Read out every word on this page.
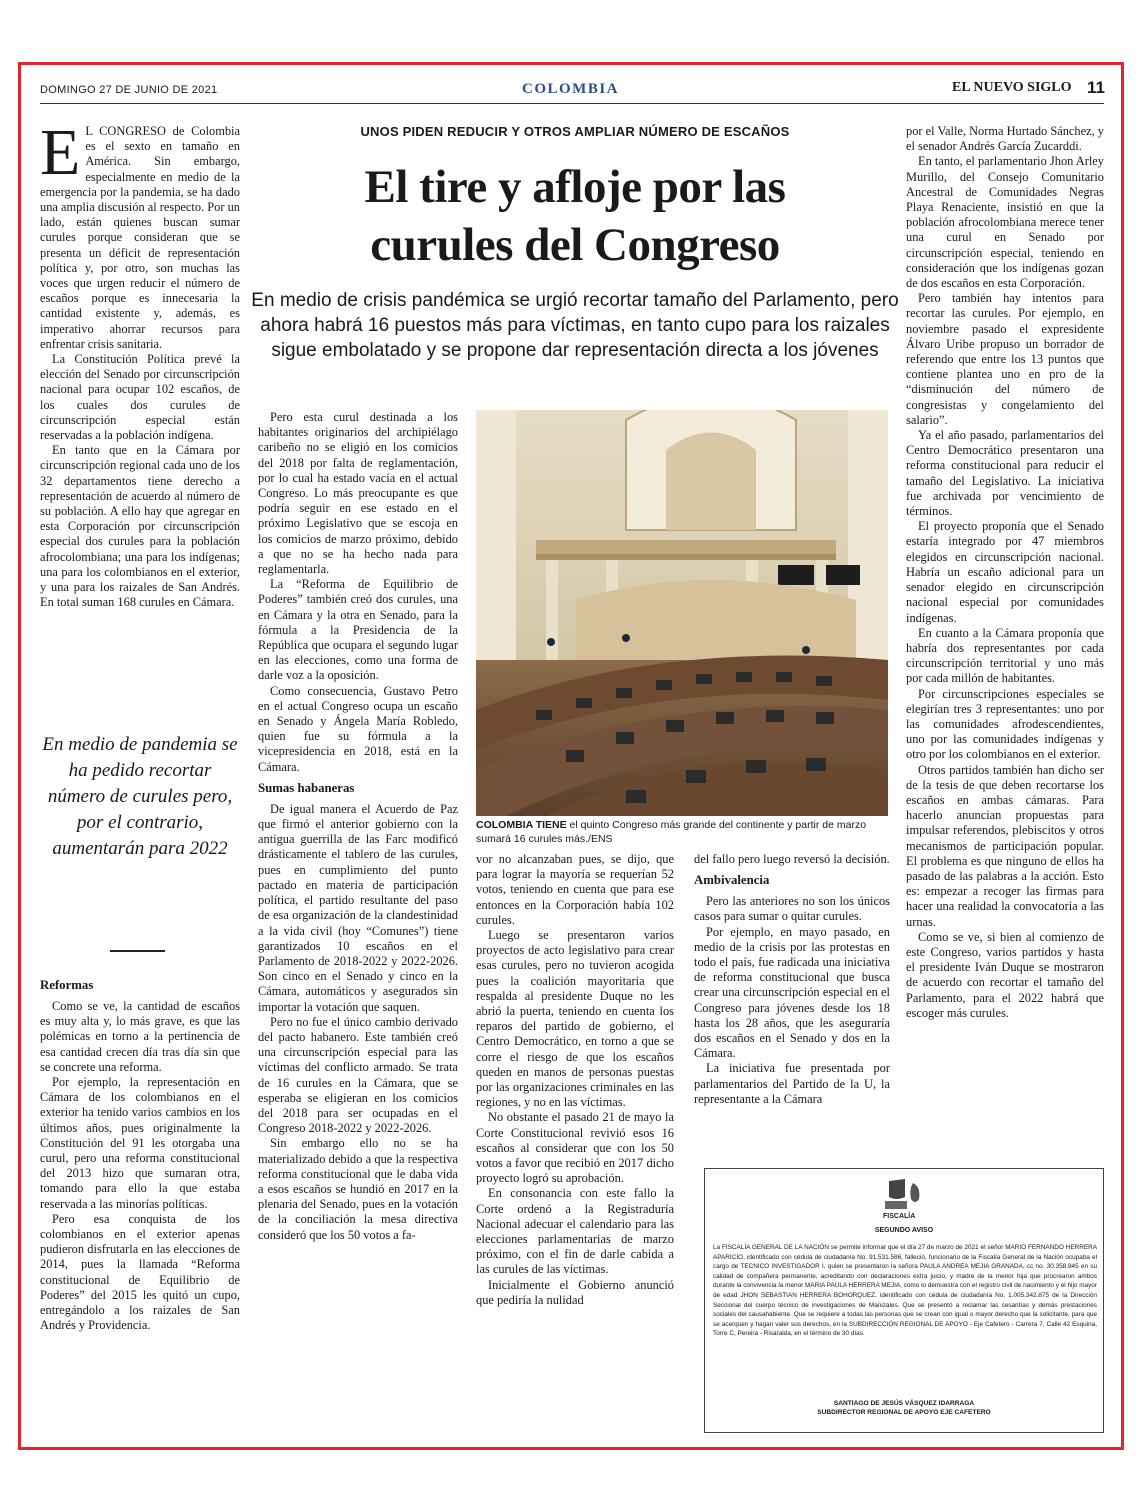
DOMINGO 27 DE JUNIO DE 2021	COLOMBIA	EL NUEVO SIGLO 11
E L CONGRESO de Colombia es el sexto en tamaño en América. Sin embargo, especialmente en medio de la emergencia por la pandemia, se ha dado una amplia discusión al respecto. Por un lado, están quienes buscan sumar curules porque consideran que se presenta un déficit de representación política y, por otro, son muchas las voces que urgen reducir el número de escaños porque es innecesaria la cantidad existente y, además, es imperativo ahorrar recursos para enfrentar crisis sanitaria.

La Constitución Política prevé la elección del Senado por circunscripción nacional para ocupar 102 escaños, de los cuales dos curules de circunscripción especial están reservadas a la población indígena.

En tanto que en la Cámara por circunscripción regional cada uno de los 32 departamentos tiene derecho a representación de acuerdo al número de su población. A ello hay que agregar en esta Corporación por circunscripción especial dos curules para la población afrocolombiana; una para los indígenas; una para los colombianos en el exterior, y una para los raizales de San Andrés. En total suman 168 curules en Cámara.

En medio de pandemia se ha pedido recortar número de curules pero, por el contrario, aumentarán para 2022
Reformas

Como se ve, la cantidad de escaños es muy alta y, lo más grave, es que las polémicas en torno a la pertinencia de esa cantidad crecen día tras día sin que se concrete una reforma.

Por ejemplo, la representación en Cámara de los colombianos en el exterior ha tenido varios cambios en los últimos años, pues originalmente la Constitución del 91 les otorgaba una curul, pero una reforma constitucional del 2013 hizo que sumaran otra, tomando para ello la que estaba reservada a las minorías políticas.

Pero esa conquista de los colombianos en el exterior apenas pudieron disfrutarla en las elecciones de 2014, pues la llamada “Reforma constitucional de Equilibrio de Poderes” del 2015 les quitó un cupo, entregándolo a los raizales de San Andrés y Providencia.

UNOS PIDEN REDUCIR Y OTROS AMPLIAR NÚMERO DE ESCAÑOS
El tire y afloje por las curules del Congreso
En medio de crisis pandémica se urgió recortar tamaño del Parlamento, pero ahora habrá 16 puestos más para víctimas, en tanto cupo para los raizales sigue embolatado y se propone dar representación directa a los jóvenes

Pero esta curul destinada a los habitantes originarios del archipiélago caribeño no se eligió en los comicios del 2018 por falta de reglamentación, por lo cual ha estado vacía en el actual Congreso. Lo más preocupante es que podría seguir en ese estado en el próximo Legislativo que se escoja en los comicios de marzo próximo, debido a que no se ha hecho nada para reglamentarla.

La “Reforma de Equilibrio de Poderes” también creó dos curules, una en Cámara y la otra en Senado, para la fórmula a la Presidencia de la República que ocupara el segundo lugar en las elecciones, como una forma de darle voz a la oposición.

Como consecuencia, Gustavo Petro en el actual Congreso ocupa un escaño en Senado y Ángela María Robledo, quien fue su fórmula a la vicepresidencia en 2018, está en la Cámara.

Sumas habaneras

De igual manera el Acuerdo de Paz que firmó el anterior gobierno con la antigua guerrilla de las Farc modificó drásticamente el tablero de las curules, pues en cumplimiento del punto pactado en materia de participación política, el partido resultante del paso de esa organización de la clandestinidad a la vida civil (hoy “Comunes”) tiene garantizados 10 escaños en el Parlamento de 2018-2022 y 2022-2026. Son cinco en el Senado y cinco en la Cámara, automáticos y asegurados sin importar la votación que saquen.

Pero no fue el único cambio derivado del pacto habanero. Este también creó una circunscripción especial para las víctimas del conflicto armado. Se trata de 16 curules en la Cámara, que se esperaba se eligieran en los comicios del 2018 para ser ocupadas en el Congreso 2018-2022 y 2022-2026.

Sin embargo ello no se ha materializado debido a que la respectiva reforma constitucional que le daba vida a esos escaños se hundió en 2017 en la plenaria del Senado, pues en la votación de la conciliación la mesa directiva consideró que los 50 votos a fa-

COLOMBIA TIENE el quinto Congreso más grande del continente y partir de marzo sumará 16 curules más./ENS

vor no alcanzaban pues, se dijo, que para lograr la mayoría se requerían 52 votos, teniendo en cuenta que para ese entonces en la Corporación había 102 curules.

Luego se presentaron varios proyectos de acto legislativo para crear esas curules, pero no tuvieron acogida pues la coalición mayoritaria que respalda al presidente Duque no les abrió la puerta, teniendo en cuenta los reparos del partido de gobierno, el Centro Democrático, en torno a que se corre el riesgo de que los escaños queden en manos de personas puestas por las organizaciones criminales en las regiones, y no en las víctimas.

No obstante el pasado 21 de mayo la Corte Constitucional revivió esos 16 escaños al considerar que con los 50 votos a favor que recibió en 2017 dicho proyecto logró su aprobación.

En consonancia con este fallo la Corte ordenó a la Registraduría Nacional adecuar el calendario para las elecciones parlamentarias de marzo próximo, con el fin de darle cabida a las curules de las víctimas.

Inicialmente el Gobierno anunció que pediría la nulidad

del fallo pero luego reversó la decisión.

Ambivalencia

Pero las anteriores no son los únicos casos para sumar o quitar curules.

Por ejemplo, en mayo pasado, en medio de la crisis por las protestas en todo el país, fue radicada una iniciativa de reforma constitucional que busca crear una circunscripción especial en el Congreso para jóvenes desde los 18 hasta los 28 años, que les aseguraría dos escaños en el Senado y dos en la Cámara.

La iniciativa fue presentada por parlamentarios del Partido de la U, la representante a la Cámara

por el Valle, Norma Hurtado Sánchez, y el senador Andrés García Zucarddi.

En tanto, el parlamentario Jhon Arley Murillo, del Consejo Comunitario Ancestral de Comunidades Negras Playa Renaciente, insistió en que la población afrocolombiana merece tener una curul en Senado por circunscripción especial, teniendo en consideración que los indígenas gozan de dos escaños en esta Corporación.

Pero también hay intentos para recortar las curules. Por ejemplo, en noviembre pasado el expresidente Álvaro Uribe propuso un borrador de referendo que entre los 13 puntos que contiene plantea uno en pro de la “disminución del número de congresistas y congelamiento del salario”.

Ya el año pasado, parlamentarios del Centro Democrático presentaron una reforma constitucional para reducir el tamaño del Legislativo. La iniciativa fue archivada por vencimiento de términos.

El proyecto proponía que el Senado estaría integrado por 47 miembros elegidos en circunscripción nacional. Habría un escaño adicional para un senador elegido en circunscripción nacional especial por comunidades indígenas.

En cuanto a la Cámara proponía que habría dos representantes por cada circunscripción territorial y uno más por cada millón de habitantes.

Por circunscripciones especiales se elegirían tres 3 representantes: uno por las comunidades afrodescendientes, uno por las comunidades indígenas y otro por los colombianos en el exterior.

Otros partidos también han dicho ser de la tesis de que deben recortarse los escaños en ambas cámaras. Para hacerlo anuncian propuestas para impulsar referendos, plebiscitos y otros mecanismos de participación popular. El problema es que ninguno de ellos ha pasado de las palabras a la acción. Esto es: empezar a recoger las firmas para hacer una realidad la convocatoria a las urnas.

Como se ve, si bien al comienzo de este Congreso, varios partidos y hasta el presidente Iván Duque se mostraron de acuerdo con recortar el tamaño del Parlamento, para el 2022 habrá que escoger más curules.

FISCALÍA
SEGUNDO AVISO
La FISCALÍA GENERAL DE LA NACIÓN se permite informar que el día 27 de marzo de 2021 el señor MARIO FERNANDO HERRERA APARICIO, identificado con cédula de ciudadanía No. 91.531.586, falleció, funcionario de la Fiscalía General de la Nación ocupaba el cargo de TECNICO INVESTIGADOR I, quien se presentaron la señora PAULA ANDREA MEJIA GRANADA, cc no. 30.358.945 en su calidad de compañera permanente, acreditando con declaraciones extra juicio, y madre de la menor hija que procrearon ambos durante la convivencia la menor MARIA PAULA HERRERA MEJIA, como lo demuestra con el registro civil de nacimiento y el hijo mayor de edad JHON SEBASTIAN HERRERA BOHORQUEZ, identificado con cédula de ciudadanía No. 1.005.342.875 de la Dirección Seccional del cuerpo técnico de investigaciones de Manizales. Que se presentó a reclamar las cesantías y demás prestaciones sociales del causahabiente. Que se requiere a todas las personas que se crean con igual o mayor derecho que la solicitante, para que se acerquen y hagan valer sus derechos, en la SUBDIRECCIÓN REGIONAL DE APOYO - Eje Cafetero - Carrera 7, Calle 42 Esquina, Torre C, Pereira - Risaralda, en el término de 30 días.
SANTIAGO DE JESÚS VÁSQUEZ IDARRAGA
SUBDIRECTOR REGIONAL DE APOYO EJE CAFETERO
